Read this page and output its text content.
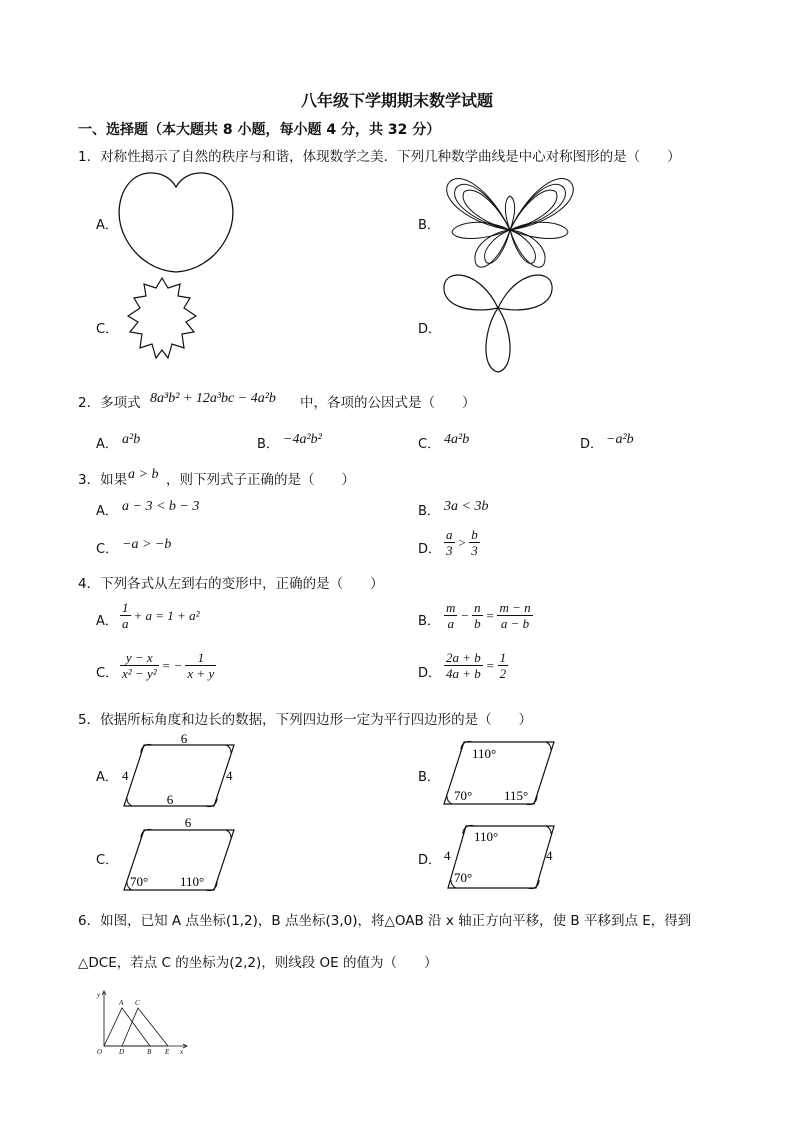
八年级下学期期末数学试题
一、选择题（本大题共 8 小题，每小题 4 分，共 32 分）
1．对称性揭示了自然的秩序与和谐，体现数学之美．下列几种数学曲线是中心对称图形的是（　　）
A．	B．
C．	D．
2．多项式 8a³b² + 12a³bc − 4a²b 中，各项的公因式是（　　）
A． a²b	B． −4a²b²	C． 4a²b	D． −a²b
3．如果 a > b ，则下列式子正确的是（　　）
A． a − 3 < b − 3	B． 3a < 3b
C． −a > −b	D． $\frac{a}{3} > \frac{b}{3}$
4．下列各式从左到右的变形中，正确的是（　　）
A． $\frac{1}{a} + a = 1 + a^2$	B． $\frac{m}{a} - \frac{n}{b} = \frac{m - n}{a - b}$
C． $\frac{y - x}{\text{x² − y²}}$ = − $\frac{1}{x + y}$	D． $\frac{2a + b}{4a + b} = \frac{1}{2}$
5．依据所标角度和边长的数据，下列四边形一定为平行四边形的是（　　）
A．	B．
C．	D．
6
6
4	4
110°
70° 115°
6
70° 110°
110°
70°
4	4
6．如图，已知 A 点坐标(1,2)，B 点坐标(3,0)，将△OAB 沿 x 轴正方向平移，使 B 平移到点 E，得到
△DCE，若点 C 的坐标为(2,2)，则线段 OE 的值为（　　）
y
x
A C
O D	B E
